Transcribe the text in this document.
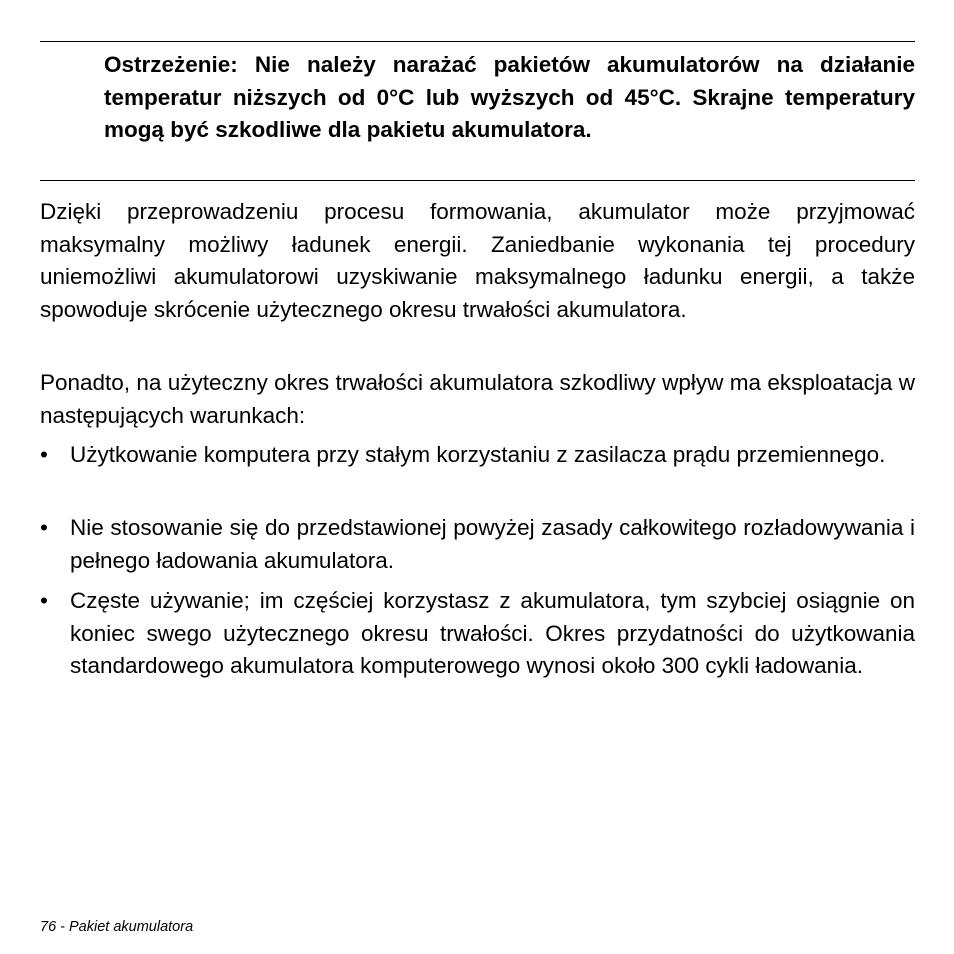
Ostrzeżenie: Nie należy narażać pakietów akumulatorów na działanie temperatur niższych od 0°C lub wyższych od 45°C. Skrajne temperatury mogą być szkodliwe dla pakietu akumulatora.

Dzięki przeprowadzeniu procesu formowania, akumulator może przyjmować maksymalny możliwy ładunek energii. Zaniedbanie wykonania tej procedury uniemożliwi akumulatorowi uzyskiwanie maksymalnego ładunku energii, a także spowoduje skrócenie użytecznego okresu trwałości akumulatora.

Ponadto, na użyteczny okres trwałości akumulatora szkodliwy wpływ ma eksploatacja w następujących warunkach:

• Użytkowanie komputera przy stałym korzystaniu z zasilacza prądu przemiennego.
• Nie stosowanie się do przedstawionej powyżej zasady całkowitego rozładowywania i pełnego ładowania akumulatora.
• Częste używanie; im częściej korzystasz z akumulatora, tym szybciej osiągnie on koniec swego użytecznego okresu trwałości. Okres przydatności do użytkowania standardowego akumulatora komputerowego wynosi około 300 cykli ładowania.
76 - Pakiet akumulatora
